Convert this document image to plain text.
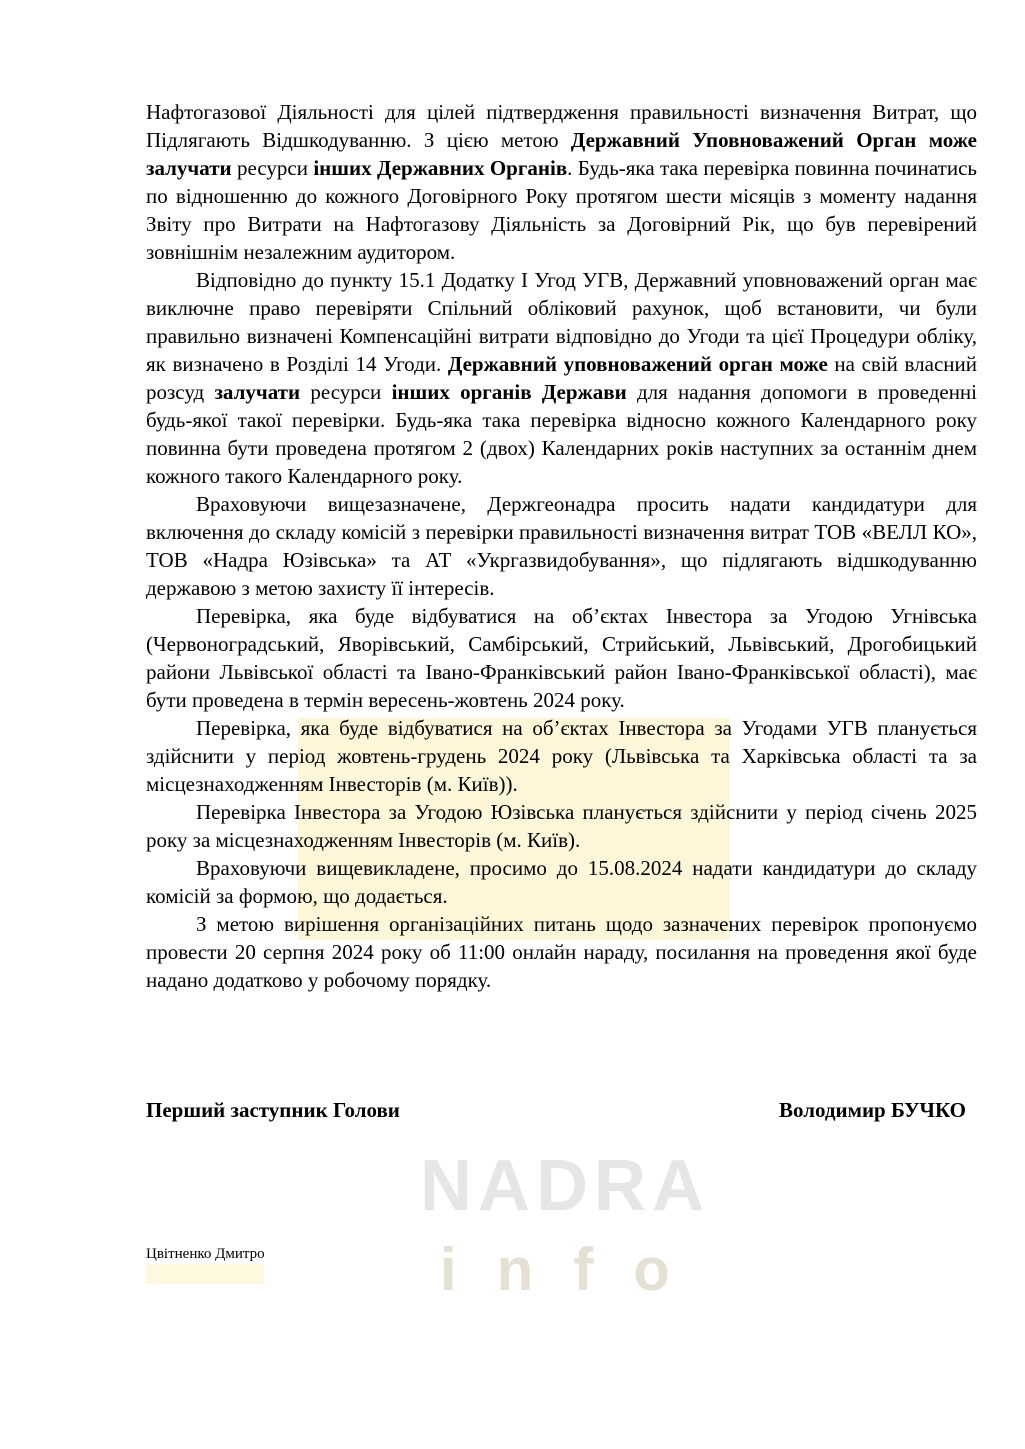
NADRA
info

Нафтогазової Діяльності для цілей підтвердження правильності визначення Витрат, що Підлягають Відшкодуванню. З цією метою Державний Уповноважений Орган може залучати ресурси інших Державних Органів. Будь-яка така перевірка повинна починатись по відношенню до кожного Договірного Року протягом шести місяців з моменту надання Звіту про Витрати на Нафтогазову Діяльність за Договірний Рік, що був перевірений зовнішнім незалежним аудитором.

Відповідно до пункту 15.1 Додатку I Угод УГВ, Державний уповноважений орган має виключне право перевіряти Спільний обліковий рахунок, щоб встановити, чи були правильно визначені Компенсаційні витрати відповідно до Угоди та цієї Процедури обліку, як визначено в Розділі 14 Угоди. Державний уповноважений орган може на свій власний розсуд залучати ресурси інших органів Держави для надання допомоги в проведенні будь-якої такої перевірки. Будь-яка така перевірка відносно кожного Календарного року повинна бути проведена протягом 2 (двох) Календарних років наступних за останнім днем кожного такого Календарного року.

Враховуючи вищезазначене, Держгеонадра просить надати кандидатури для включення до складу комісій з перевірки правильності визначення витрат ТОВ «ВЕЛЛ КО», ТОВ «Надра Юзівська» та АТ «Укргазвидобування», що підлягають відшкодуванню державою з метою захисту її інтересів.

Перевірка, яка буде відбуватися на об’єктах Інвестора за Угодою Угнівська (Червоноградський, Яворівський, Самбірський, Стрийський, Львівський, Дрогобицький райони Львівської області та Івано-Франківський район Івано-Франківської області), має бути проведена в термін вересень-жовтень 2024 року.

Перевірка, яка буде відбуватися на об’єктах Інвестора за Угодами УГВ планується здійснити у період жовтень-грудень 2024 року (Львівська та Харківська області та за місцезнаходженням Інвесторів (м. Київ)).

Перевірка Інвестора за Угодою Юзівська планується здійснити у період січень 2025 року за місцезнаходженням Інвесторів (м. Київ).

Враховуючи вищевикладене, просимо до 15.08.2024 надати кандидатури до складу комісій за формою, що додається.

З метою вирішення організаційних питань щодо зазначених перевірок пропонуємо провести 20 серпня 2024 року об 11:00 онлайн нараду, посилання на проведення якої буде надано додатково у робочому порядку.

Перший заступник Голови	Володимир БУЧКО
Цвітненко Дмитро
